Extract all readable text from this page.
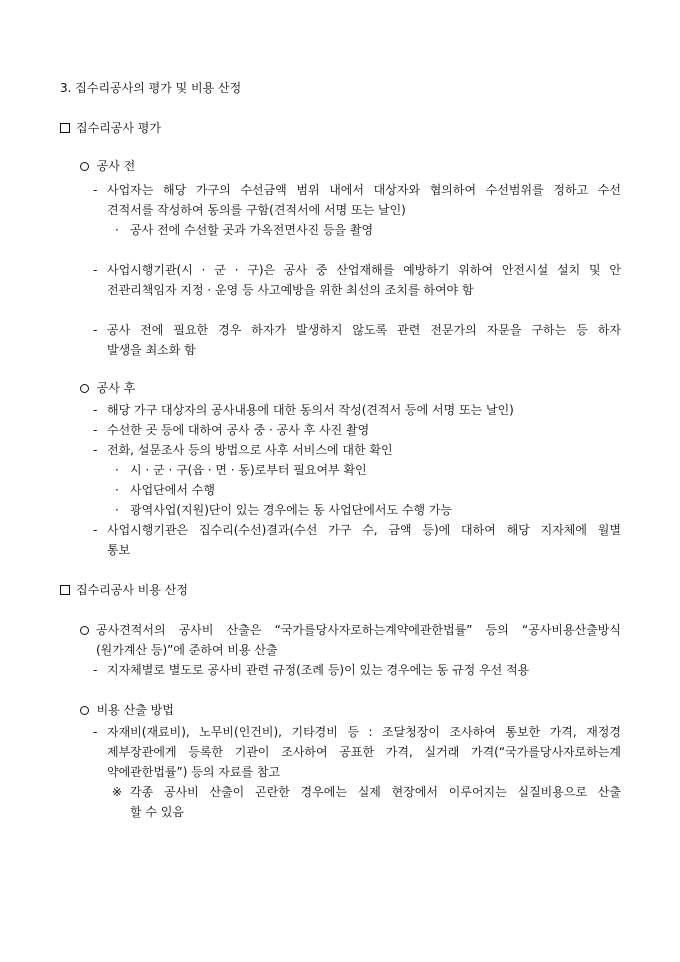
3. 집수리공사의 평가 및 비용 산정
집수리공사 평가
공사 전
- 사업자는 해당 가구의 수선금액 범위 내에서 대상자와 협의하여 수선범위를 정하고 수선
견적서를 작성하여 동의를 구함(견적서에 서명 또는 날인)
· 공사 전에 수선할 곳과 가옥전면사진 등을 촬영
- 사업시행기관(시 · 군 · 구)은 공사 중 산업재해를 예방하기 위하여 안전시설 설치 및 안
전관리책임자 지정 · 운영 등 사고예방을 위한 최선의 조치를 하여야 함
- 공사 전에 필요한 경우 하자가 발생하지 않도록 관련 전문가의 자문을 구하는 등 하자
발생을 최소화 함
공사 후
- 해당 가구 대상자의 공사내용에 대한 동의서 작성(견적서 등에 서명 또는 날인)
- 수선한 곳 등에 대하여 공사 중 · 공사 후 사진 촬영
- 전화, 설문조사 등의 방법으로 사후 서비스에 대한 확인
· 시 · 군 · 구(읍 · 면 · 동)로부터 필요여부 확인
· 사업단에서 수행
· 광역사업(지원)단이 있는 경우에는 동 사업단에서도 수행 가능
- 사업시행기관은 집수리(수선)결과(수선 가구 수, 금액 등)에 대하여 해당 지자체에 월별
통보
집수리공사 비용 산정
공사견적서의 공사비 산출은 “국가를당사자로하는계약에관한법률” 등의 “공사비용산출방식
(원가계산 등)”에 준하여 비용 산출
- 지자체별로 별도로 공사비 관련 규정(조례 등)이 있는 경우에는 동 규정 우선 적용
비용 산출 방법
- 자재비(재료비), 노무비(인건비), 기타경비 등 : 조달청장이 조사하여 통보한 가격, 재정경
제부장관에게 등록한 기관이 조사하여 공표한 가격, 실거래 가격(“국가를당사자로하는계
약에관한법률”) 등의 자료를 참고
※ 각종 공사비 산출이 곤란한 경우에는 실제 현장에서 이루어지는 실질비용으로 산출
할 수 있음
